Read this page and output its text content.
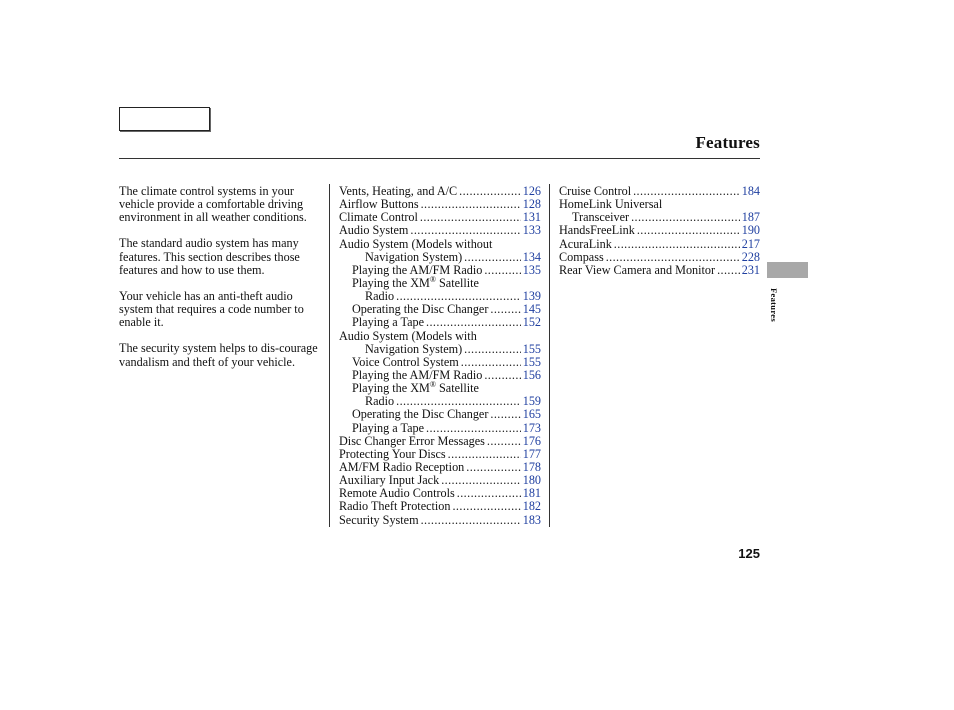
Features

The climate control systems in your vehicle provide a comfortable driving environment in all weather conditions.

The standard audio system has many features. This section describes those features and how to use them.

Your vehicle has an anti-theft audio system that requires a code number to enable it.

The security system helps to dis-courage vandalism and theft of your vehicle.

Vents, Heating, and A/C .....	126
Airflow Buttons .....	128
Climate Control .....	131
Audio System .....	133
Audio System (Models without
Navigation System) .....	134
Playing the AM/FM Radio .....	135
Playing the XM® Satellite
Radio .....	139
Operating the Disc Changer .....	145
Playing a Tape .....	152
Audio System (Models with
Navigation System) .....	155
Voice Control System .....	155
Playing the AM/FM Radio .....	156
Playing the XM® Satellite
Radio .....	159
Operating the Disc Changer .....	165
Playing a Tape .....	173
Disc Changer Error Messages .....	176
Protecting Your Discs .....	177
AM/FM Radio Reception .....	178
Auxiliary Input Jack .....	180
Remote Audio Controls .....	181
Radio Theft Protection .....	182
Security System .....	183
Cruise Control .....	184
HomeLink Universal
Transceiver .....	187
HandsFreeLink .....	190
AcuraLink .....	217
Compass .....	228
Rear View Camera and Monitor ..... 231
Features
125
